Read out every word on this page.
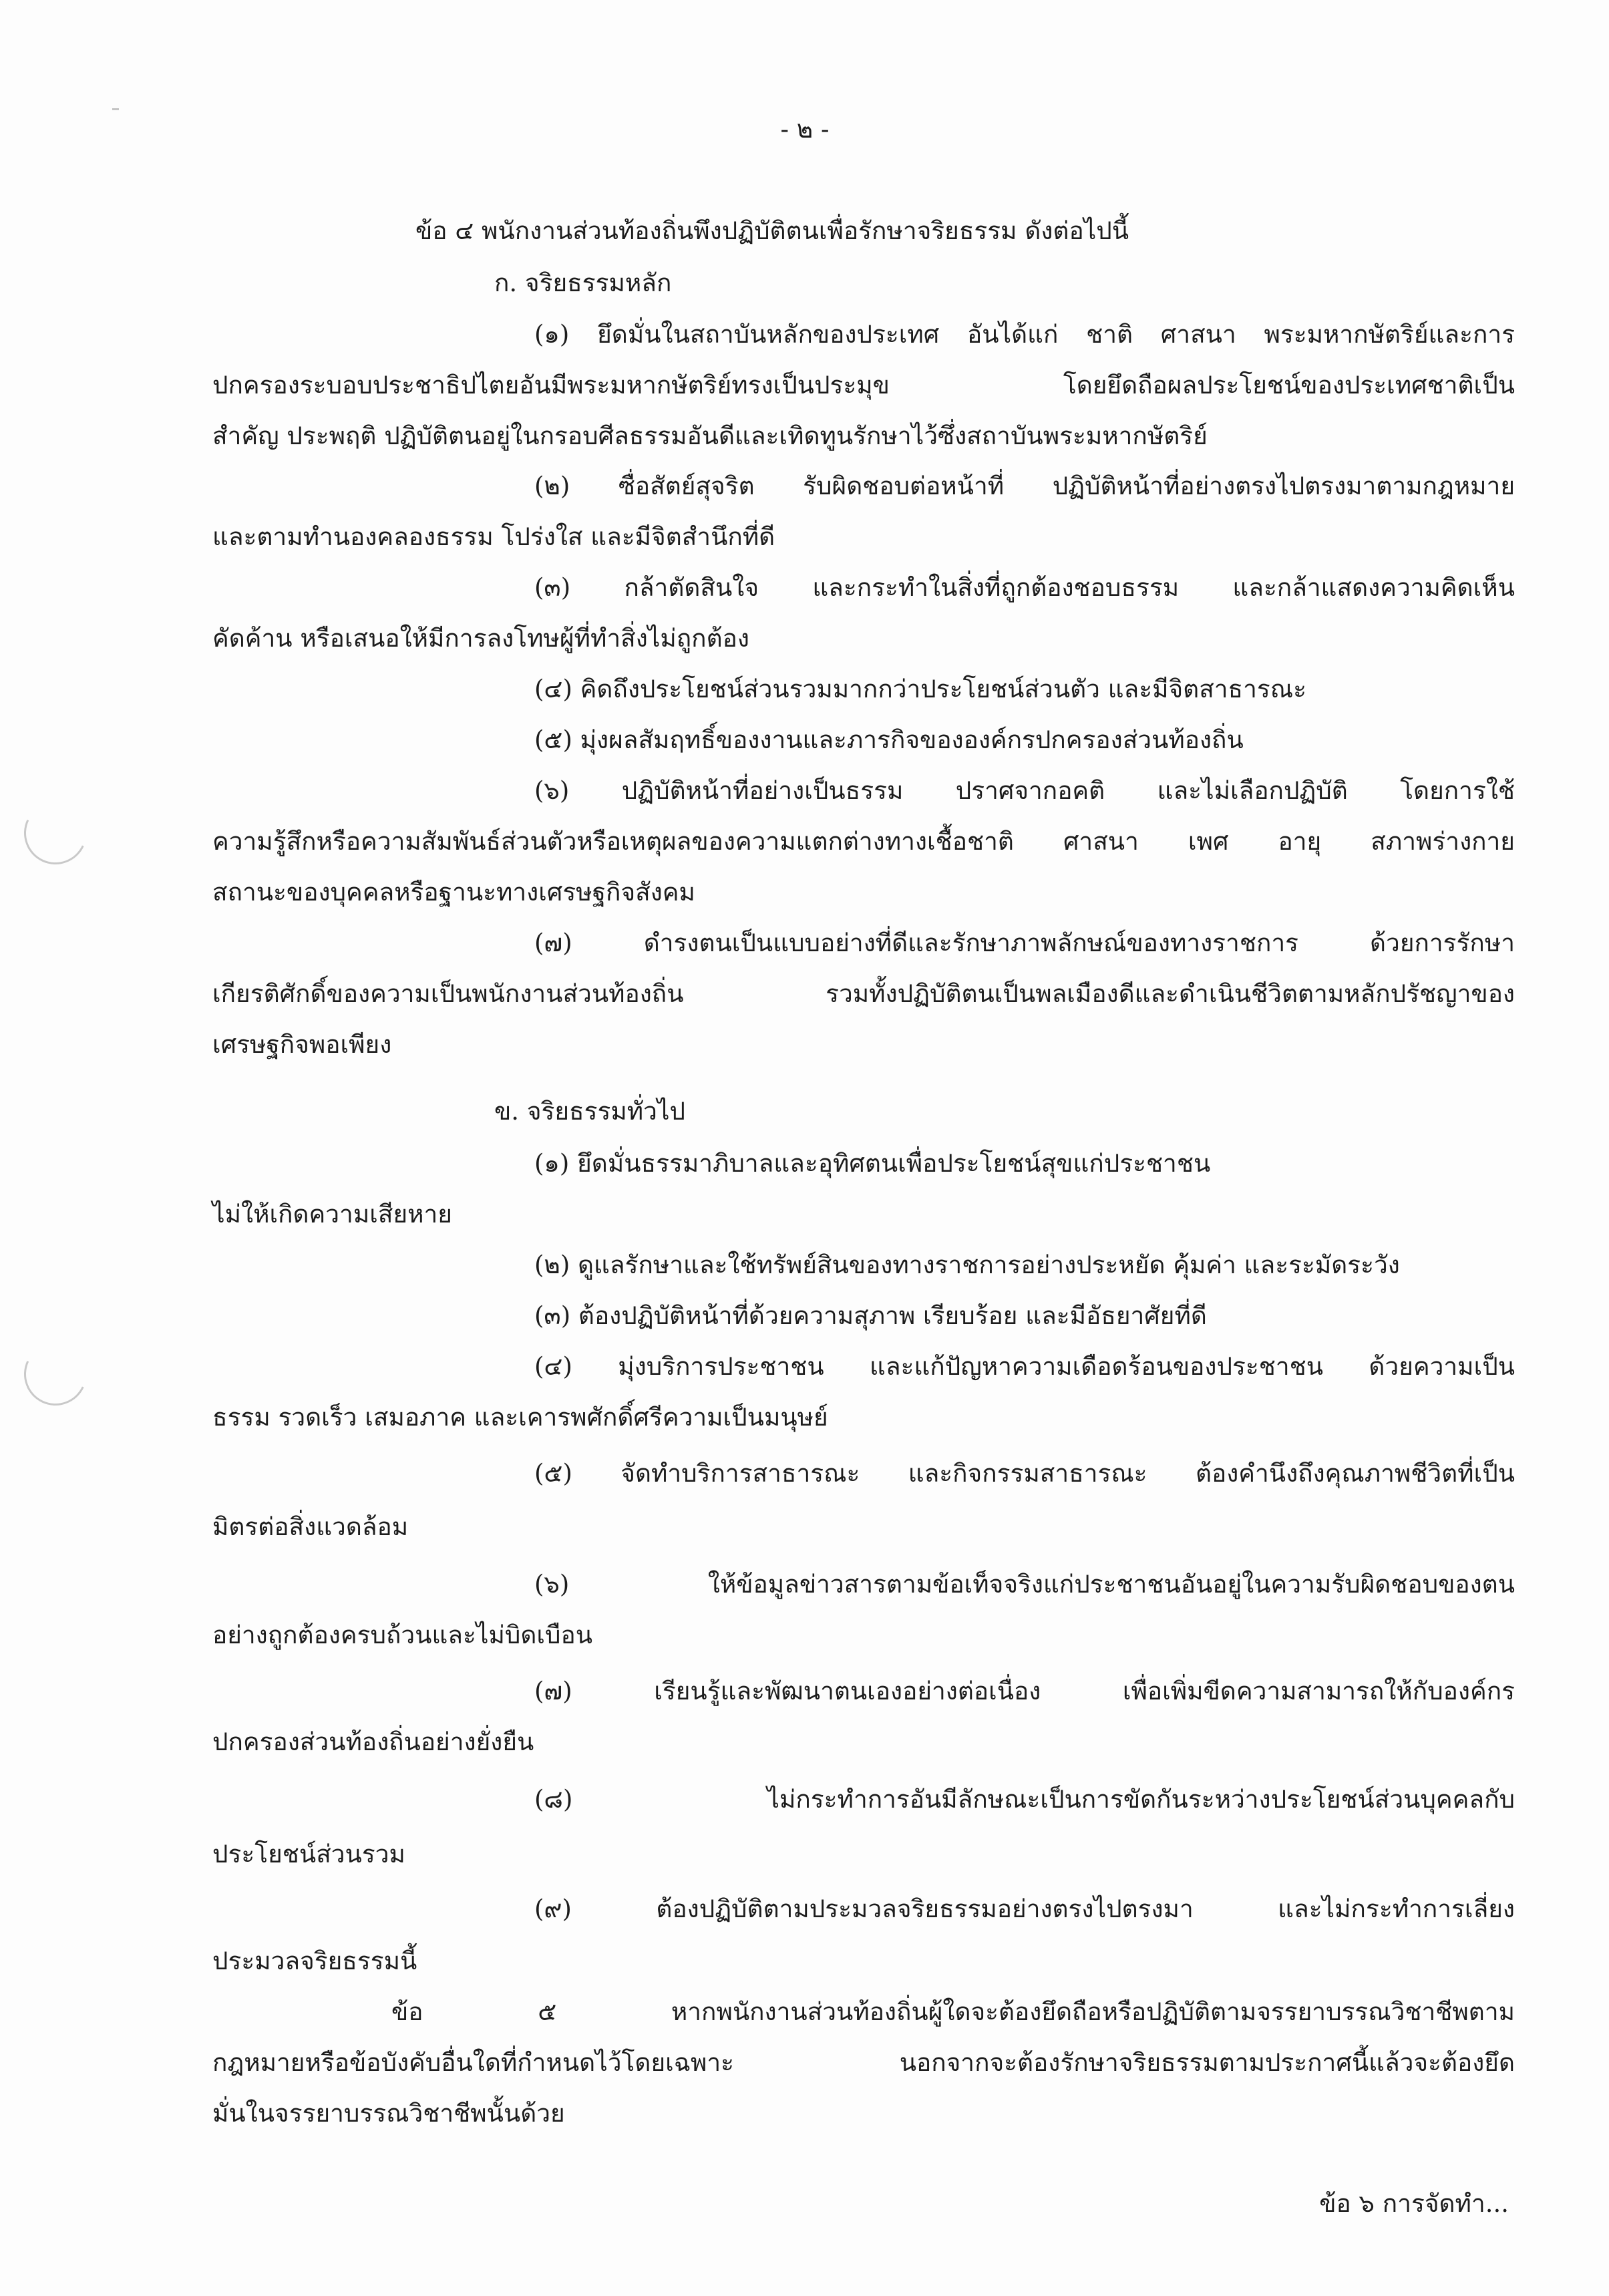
- ๒ -
ข้อ ๔ พนักงานส่วนท้องถิ่นพึงปฏิบัติตนเพื่อรักษาจริยธรรม ดังต่อไปนี้
ก. จริยธรรมหลัก
(๑) ยึดมั่นในสถาบันหลักของประเทศ อันได้แก่ ชาติ ศาสนา พระมหากษัตริย์และการ
ปกครองระบอบประชาธิปไตยอันมีพระมหากษัตริย์ทรงเป็นประมุข โดยยึดถือผลประโยชน์ของประเทศชาติเป็น
สำคัญ ประพฤติ ปฏิบัติตนอยู่ในกรอบศีลธรรมอันดีและเทิดทูนรักษาไว้ซึ่งสถาบันพระมหากษัตริย์
(๒) ซื่อสัตย์สุจริต รับผิดชอบต่อหน้าที่ ปฏิบัติหน้าที่อย่างตรงไปตรงมาตามกฎหมาย
และตามทำนองคลองธรรม โปร่งใส และมีจิตสำนึกที่ดี
(๓) กล้าตัดสินใจ และกระทำในสิ่งที่ถูกต้องชอบธรรม และกล้าแสดงความคิดเห็น
คัดค้าน หรือเสนอให้มีการลงโทษผู้ที่ทำสิ่งไม่ถูกต้อง
(๔) คิดถึงประโยชน์ส่วนรวมมากกว่าประโยชน์ส่วนตัว และมีจิตสาธารณะ
(๕) มุ่งผลสัมฤทธิ์ของงานและภารกิจขององค์กรปกครองส่วนท้องถิ่น
(๖) ปฏิบัติหน้าที่อย่างเป็นธรรม ปราศจากอคติ และไม่เลือกปฏิบัติ โดยการใช้
ความรู้สึกหรือความสัมพันธ์ส่วนตัวหรือเหตุผลของความแตกต่างทางเชื้อชาติ ศาสนา เพศ อายุ สภาพร่างกาย
สถานะของบุคคลหรือฐานะทางเศรษฐกิจสังคม
(๗) ดำรงตนเป็นแบบอย่างที่ดีและรักษาภาพลักษณ์ของทางราชการ ด้วยการรักษา
เกียรติศักดิ์ของความเป็นพนักงานส่วนท้องถิ่น รวมทั้งปฏิบัติตนเป็นพลเมืองดีและดำเนินชีวิตตามหลักปรัชญาของ
เศรษฐกิจพอเพียง
ข. จริยธรรมทั่วไป
(๑) ยึดมั่นธรรมาภิบาลและอุทิศตนเพื่อประโยชน์สุขแก่ประชาชน
ไม่ให้เกิดความเสียหาย
(๒) ดูแลรักษาและใช้ทรัพย์สินของทางราชการอย่างประหยัด คุ้มค่า และระมัดระวัง
(๓) ต้องปฏิบัติหน้าที่ด้วยความสุภาพ เรียบร้อย และมีอัธยาศัยที่ดี
(๔) มุ่งบริการประชาชน และแก้ปัญหาความเดือดร้อนของประชาชน ด้วยความเป็น
ธรรม รวดเร็ว เสมอภาค และเคารพศักดิ์ศรีความเป็นมนุษย์
(๕) จัดทำบริการสาธารณะ และกิจกรรมสาธารณะ ต้องคำนึงถึงคุณภาพชีวิตที่เป็น
มิตรต่อสิ่งแวดล้อม
(๖) ให้ข้อมูลข่าวสารตามข้อเท็จจริงแก่ประชาชนอันอยู่ในความรับผิดชอบของตน
อย่างถูกต้องครบถ้วนและไม่บิดเบือน
(๗) เรียนรู้และพัฒนาตนเองอย่างต่อเนื่อง เพื่อเพิ่มขีดความสามารถให้กับองค์กร
ปกครองส่วนท้องถิ่นอย่างยั่งยืน
(๘) ไม่กระทำการอันมีลักษณะเป็นการขัดกันระหว่างประโยชน์ส่วนบุคคลกับ
ประโยชน์ส่วนรวม
(๙) ต้องปฏิบัติตามประมวลจริยธรรมอย่างตรงไปตรงมา และไม่กระทำการเลี่ยง
ประมวลจริยธรรมนี้
ข้อ ๕ หากพนักงานส่วนท้องถิ่นผู้ใดจะต้องยึดถือหรือปฏิบัติตามจรรยาบรรณวิชาชีพตาม
กฎหมายหรือข้อบังคับอื่นใดที่กำหนดไว้โดยเฉพาะ นอกจากจะต้องรักษาจริยธรรมตามประกาศนี้แล้วจะต้องยึด
มั่นในจรรยาบรรณวิชาชีพนั้นด้วย
ข้อ ๖ การจัดทำ...
